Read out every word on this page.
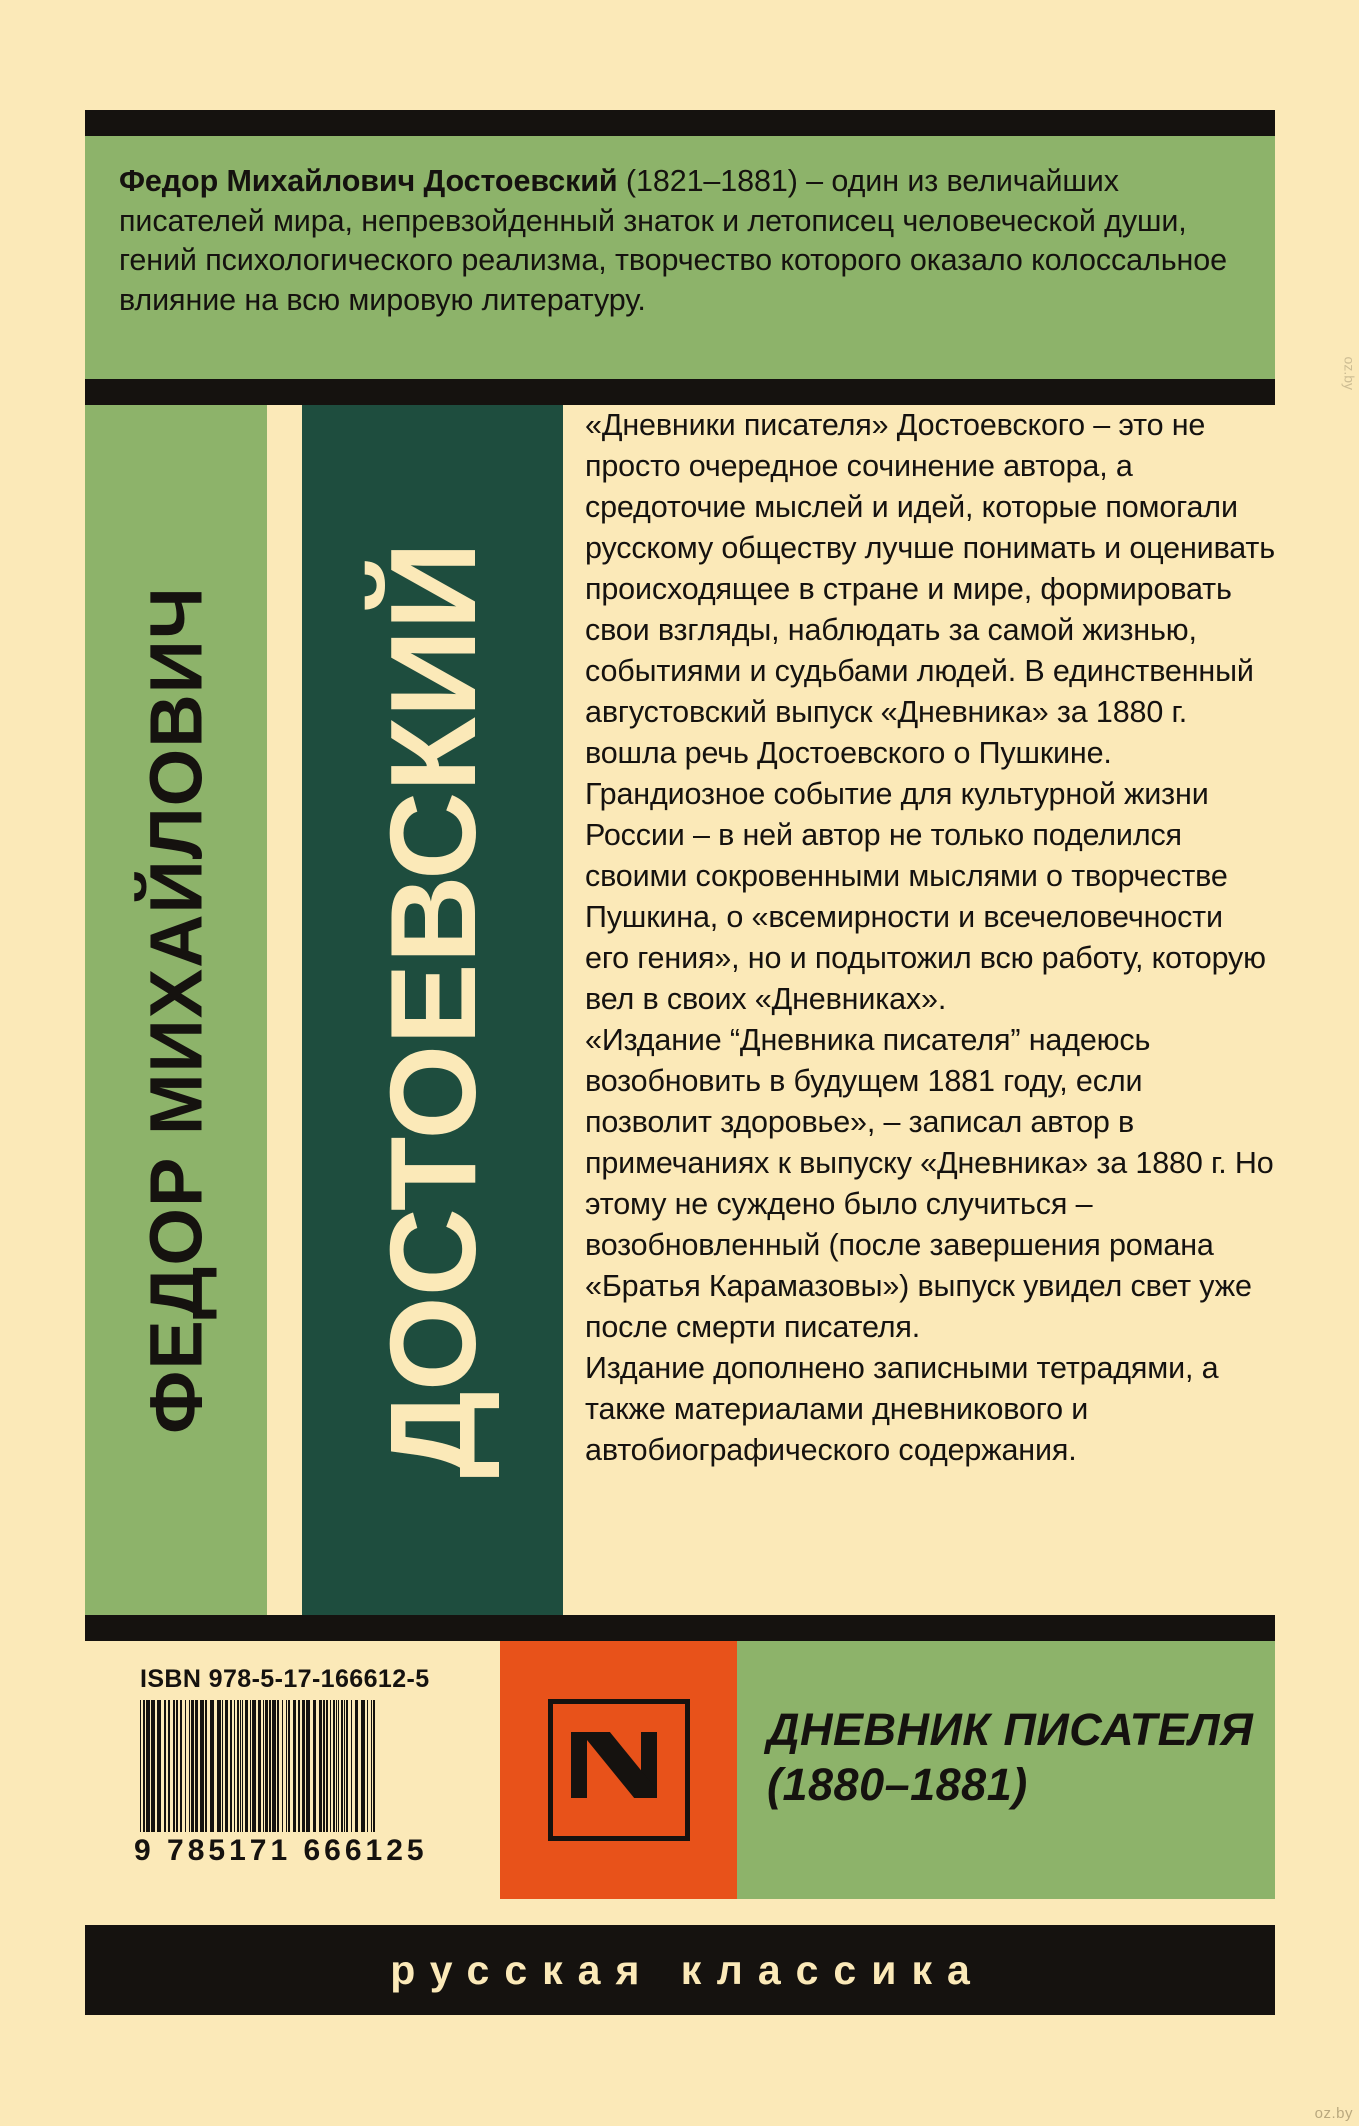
Федор Михайлович Достоевский (1821–1881) – один из величайших писателей мира, непревзойденный знаток и летописец человеческой души, гений психологического реализма, творчество которого оказало колоссальное влияние на всю мировую литературу.
ФЕДОР МИХАЙЛОВИЧ ДОСТОЕВСКИЙ

«Дневники писателя» Достоевского – это не просто очередное сочинение автора, а средоточие мыслей и идей, которые помогали русскому обществу лучше понимать и оценивать происходящее в стране и мире, формировать свои взгляды, наблюдать за самой жизнью, событиями и судьбами людей. В единственный августовский выпуск «Дневника» за 1880 г. вошла речь Достоевского о Пушкине. Грандиозное событие для культурной жизни России – в ней автор не только поделился своими сокровенными мыслями о творчестве Пушкина, о «всемирности и всечеловечности его гения», но и подытожил всю работу, которую вел в своих «Дневниках».

«Издание “Дневника писателя” надеюсь возобновить в будущем 1881 году, если позволит здоровье», – записал автор в примечаниях к выпуску «Дневника» за 1880 г. Но этому не суждено было случиться – возобновленный (после завершения романа «Братья Карамазовы») выпуск увидел свет уже после смерти писателя.

Издание дополнено записными тетрадями, а также материалами дневникового и автобиографического содержания.

ISBN 978-5-17-166612-5
9 785171 666125
ДНЕВНИК ПИСАТЕЛЯ
(1880–1881)
русская классика
oz.by
oz.by
